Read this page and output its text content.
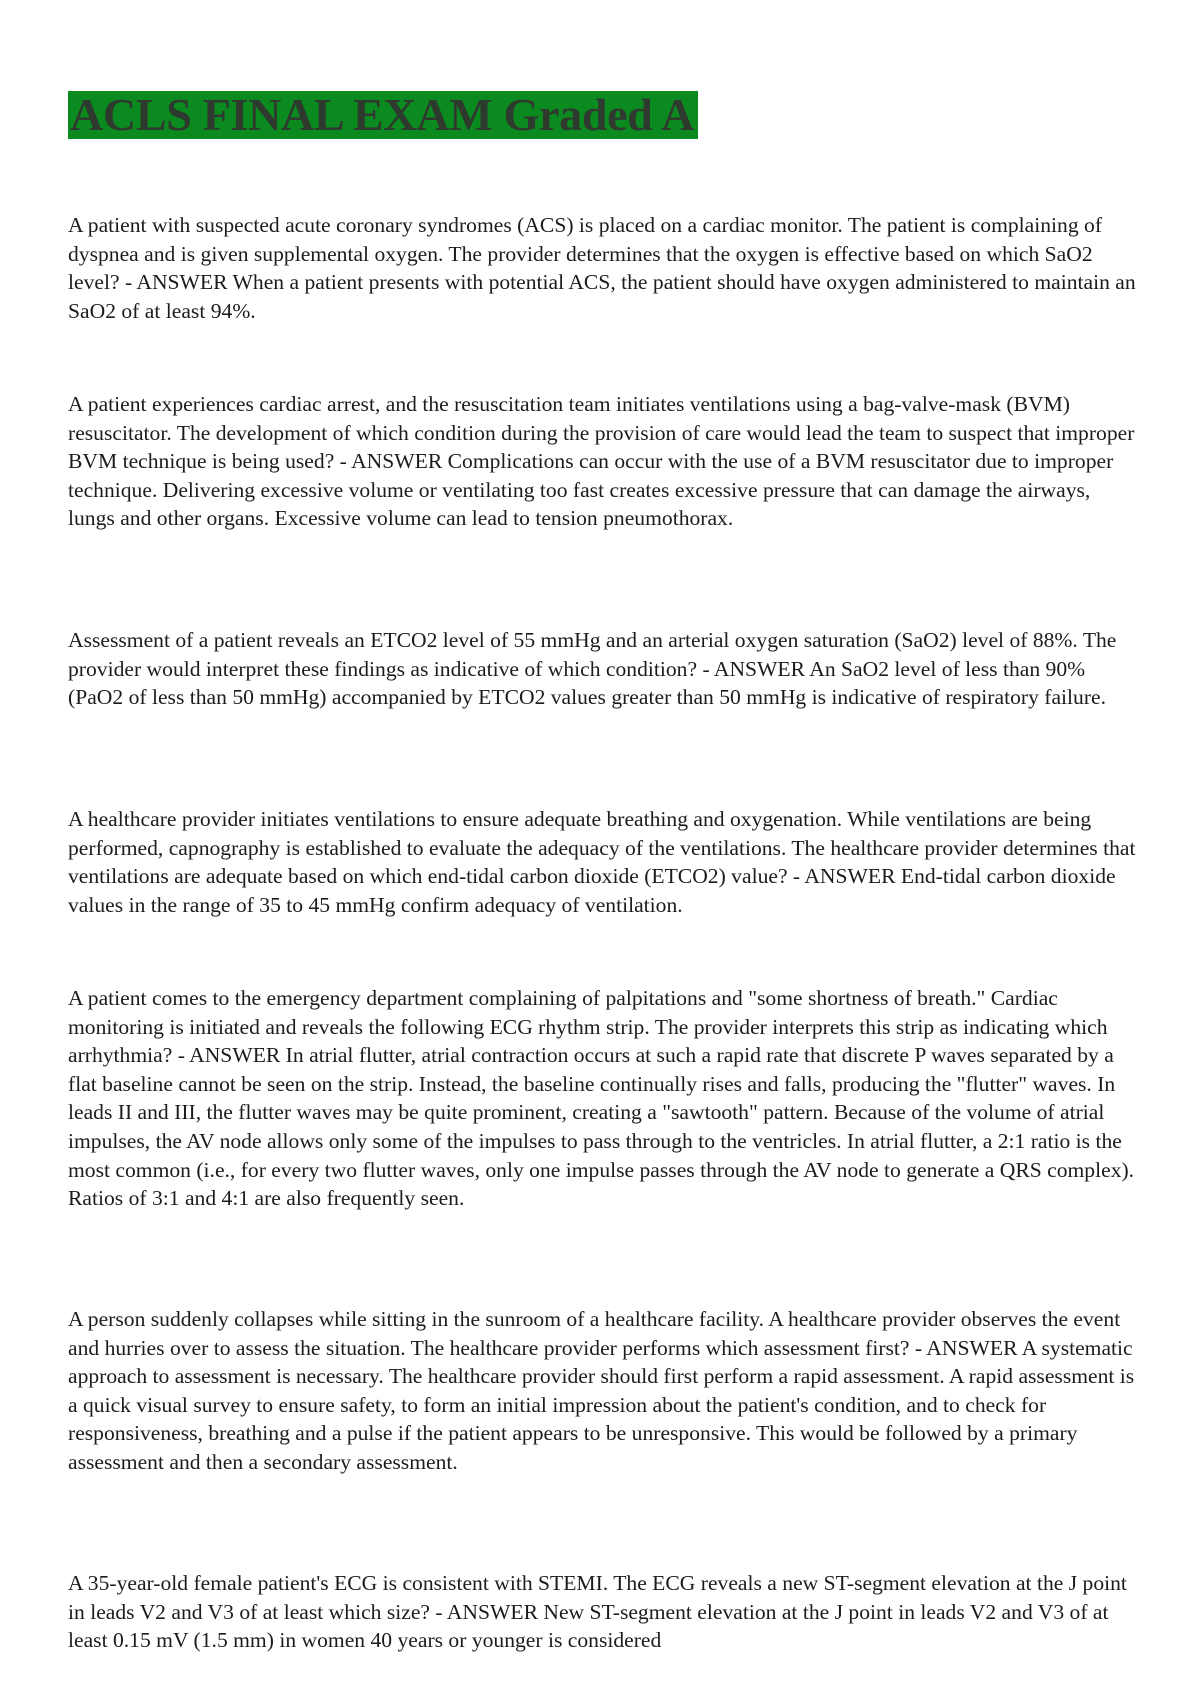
ACLS FINAL EXAM Graded A

A patient with suspected acute coronary syndromes (ACS) is placed on a cardiac monitor. The patient is complaining of dyspnea and is given supplemental oxygen. The provider determines that the oxygen is effective based on which SaO2 level? - ANSWER When a patient presents with potential ACS, the patient should have oxygen administered to maintain an SaO2 of at least 94%.

A patient experiences cardiac arrest, and the resuscitation team initiates ventilations using a bag-valve-mask (BVM) resuscitator. The development of which condition during the provision of care would lead the team to suspect that improper BVM technique is being used? - ANSWER Complications can occur with the use of a BVM resuscitator due to improper technique. Delivering excessive volume or ventilating too fast creates excessive pressure that can damage the airways, lungs and other organs. Excessive volume can lead to tension pneumothorax.

Assessment of a patient reveals an ETCO2 level of 55 mmHg and an arterial oxygen saturation (SaO2) level of 88%. The provider would interpret these findings as indicative of which condition? - ANSWER An SaO2 level of less than 90% (PaO2 of less than 50 mmHg) accompanied by ETCO2 values greater than 50 mmHg is indicative of respiratory failure.

A healthcare provider initiates ventilations to ensure adequate breathing and oxygenation. While ventilations are being performed, capnography is established to evaluate the adequacy of the ventilations. The healthcare provider determines that ventilations are adequate based on which end-tidal carbon dioxide (ETCO2) value? - ANSWER End-tidal carbon dioxide values in the range of 35 to 45 mmHg confirm adequacy of ventilation.

A patient comes to the emergency department complaining of palpitations and "some shortness of breath." Cardiac monitoring is initiated and reveals the following ECG rhythm strip. The provider interprets this strip as indicating which arrhythmia? - ANSWER In atrial flutter, atrial contraction occurs at such a rapid rate that discrete P waves separated by a flat baseline cannot be seen on the strip. Instead, the baseline continually rises and falls, producing the "flutter" waves. In leads II and III, the flutter waves may be quite prominent, creating a "sawtooth" pattern. Because of the volume of atrial impulses, the AV node allows only some of the impulses to pass through to the ventricles. In atrial flutter, a 2:1 ratio is the most common (i.e., for every two flutter waves, only one impulse passes through the AV node to generate a QRS complex). Ratios of 3:1 and 4:1 are also frequently seen.

A person suddenly collapses while sitting in the sunroom of a healthcare facility. A healthcare provider observes the event and hurries over to assess the situation. The healthcare provider performs which assessment first? - ANSWER A systematic approach to assessment is necessary. The healthcare provider should first perform a rapid assessment. A rapid assessment is a quick visual survey to ensure safety, to form an initial impression about the patient's condition, and to check for responsiveness, breathing and a pulse if the patient appears to be unresponsive. This would be followed by a primary assessment and then a secondary assessment.

A 35-year-old female patient's ECG is consistent with STEMI. The ECG reveals a new ST-segment elevation at the J point in leads V2 and V3 of at least which size? - ANSWER New ST-segment elevation at the J point in leads V2 and V3 of at least 0.15 mV (1.5 mm) in women 40 years or younger is considered
